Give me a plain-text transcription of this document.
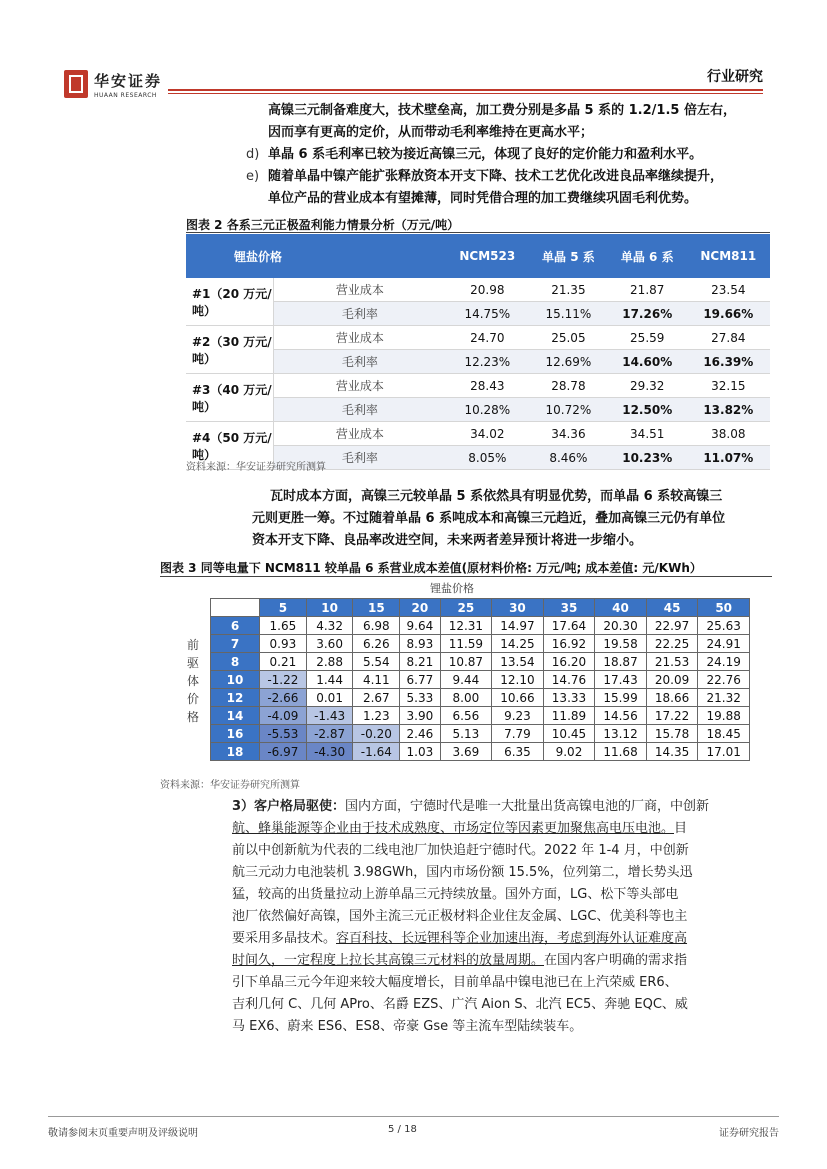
华安证券
HUAAN RESEARCH
行业研究

高镍三元制备难度大，技术壁垒高，加工费分别是多晶 5 系的 1.2/1.5 倍左右，

因而享有更高的定价，从而带动毛利率维持在更高水平；

d) 单晶 6 系毛利率已较为接近高镍三元，体现了良好的定价能力和盈利水平。

e) 随着单晶中镍产能扩张释放资本开支下降、技术工艺优化改进良品率继续提升，

单位产品的营业成本有望摊薄，同时凭借合理的加工费继续巩固毛利优势。

图表 2 各系三元正极盈利能力情景分析（万元/吨）
锂盐价格		NCM523	单晶 5 系	单晶 6 系	NCM811
#1（20 万元/吨）	营业成本	20.98	21.35	21.87	23.54
	毛利率	14.75%	15.11%	17.26%	19.66%
#2（30 万元/吨）	营业成本	24.70	25.05	25.59	27.84
	毛利率	12.23%	12.69%	14.60%	16.39%
#3（40 万元/吨）	营业成本	28.43	28.78	29.32	32.15
	毛利率	10.28%	10.72%	12.50%	13.82%
#4（50 万元/吨）	营业成本	34.02	34.36	34.51	38.08
	毛利率	8.05%	8.46%	10.23%	11.07%
资料来源：华安证券研究所测算

瓦时成本方面，高镍三元较单晶 5 系依然具有明显优势，而单晶 6 系较高镍三

元则更胜一筹。不过随着单晶 6 系吨成本和高镍三元趋近，叠加高镍三元仍有单位

资本开支下降、良品率改进空间，未来两者差异预计将进一步缩小。

图表 3 同等电量下 NCM811 较单晶 6 系营业成本差值(原材料价格: 万元/吨; 成本差值: 元/KWh）
锂盐价格
前
驱
体
价
格
	5	10	15	20	25	30	35	40	45	50
6	1.65	4.32	6.98	9.64	12.31	14.97	17.64	20.30	22.97	25.63
7	0.93	3.60	6.26	8.93	11.59	14.25	16.92	19.58	22.25	24.91
8	0.21	2.88	5.54	8.21	10.87	13.54	16.20	18.87	21.53	24.19
10	-1.22	1.44	4.11	6.77	9.44	12.10	14.76	17.43	20.09	22.76
12	-2.66	0.01	2.67	5.33	8.00	10.66	13.33	15.99	18.66	21.32
14	-4.09	-1.43	1.23	3.90	6.56	9.23	11.89	14.56	17.22	19.88
16	-5.53	-2.87	-0.20	2.46	5.13	7.79	10.45	13.12	15.78	18.45
18	-6.97	-4.30	-1.64	1.03	3.69	6.35	9.02	11.68	14.35	17.01
资料来源：华安证券研究所测算

3）客户格局驱使：国内方面，宁德时代是唯一大批量出货高镍电池的厂商，中创新

航、蜂巢能源等企业由于技术成熟度、市场定位等因素更加聚焦高电压电池。目

前以中创新航为代表的二线电池厂加快追赶宁德时代。2022 年 1-4 月，中创新

航三元动力电池装机 3.98GWh，国内市场份额 15.5%，位列第二，增长势头迅

猛，较高的出货量拉动上游单晶三元持续放量。国外方面，LG、松下等头部电

池厂依然偏好高镍，国外主流三元正极材料企业住友金属、LGC、优美科等也主

要采用多晶技术。容百科技、长远锂科等企业加速出海，考虑到海外认证难度高

时间久，一定程度上拉长其高镍三元材料的放量周期。在国内客户明确的需求指

引下单晶三元今年迎来较大幅度增长，目前单晶中镍电池已在上汽荣威 ER6、

吉利几何 C、几何 APro、名爵 EZS、广汽 Aion S、北汽 EC5、奔驰 EQC、威

马 EX6、蔚来 ES6、ES8、帝豪 Gse 等主流车型陆续装车。

敬请参阅末页重要声明及评级说明	5 / 18	证券研究报告
